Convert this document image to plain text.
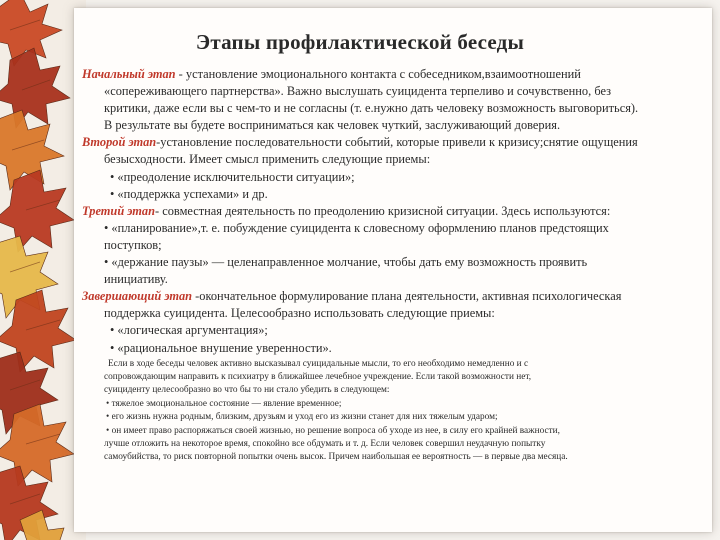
Этапы профилактической беседы

Начальный этап - установление эмоционального контакта с собеседником,взаимоотношений

«сопереживающего партнерства». Важно выслушать суицидента терпеливо и сочувственно, без

критики, даже если вы с чем-то и не согласны (т. е.нужно дать человеку возможность выговориться).

В результате вы будете восприниматься как человек чуткий, заслуживающий доверия.

Второй этап-установление последовательности событий, которые привели к кризису;снятие ощущения

безысходности. Имеет смысл применить следующие приемы:

• «преодоление исключительности ситуации»;

• «поддержка успехами» и др.

Третий этап- совместная деятельность по преодолению кризисной ситуации. Здесь используются:

• «планирование»,т. е. побуждение суицидента к словесному оформлению планов предстоящих

поступков;

• «держание паузы» — целенаправленное молчание, чтобы дать ему возможность проявить

инициативу.

Завершающий этап -окончательное формулирование плана деятельности, активная психологическая

поддержка суицидента. Целесообразно использовать следующие приемы:

• «логическая аргументация»;

• «рациональное внушение уверенности».

Если в ходе беседы человек активно высказывал суицидальные мысли, то его необходимо немедленно и с

сопровождающим направить к психиатру в ближайшее лечебное учреждение. Если такой возможности нет,

суициденту целесообразно во что бы то ни стало убедить в следующем:

• тяжелое эмоциональное состояние — явление временное;

• его жизнь нужна родным, близким, друзьям и уход его из жизни станет для них тяжелым ударом;

• он имеет право распоряжаться своей жизнью, но решение вопроса об уходе из нее, в силу его крайней важности,

лучше отложить на некоторое время, спокойно все обдумать и т. д. Если человек совершил неудачную попытку

самоубийства, то риск повторной попытки очень высок. Причем наибольшая ее вероятность — в первые два месяца.
